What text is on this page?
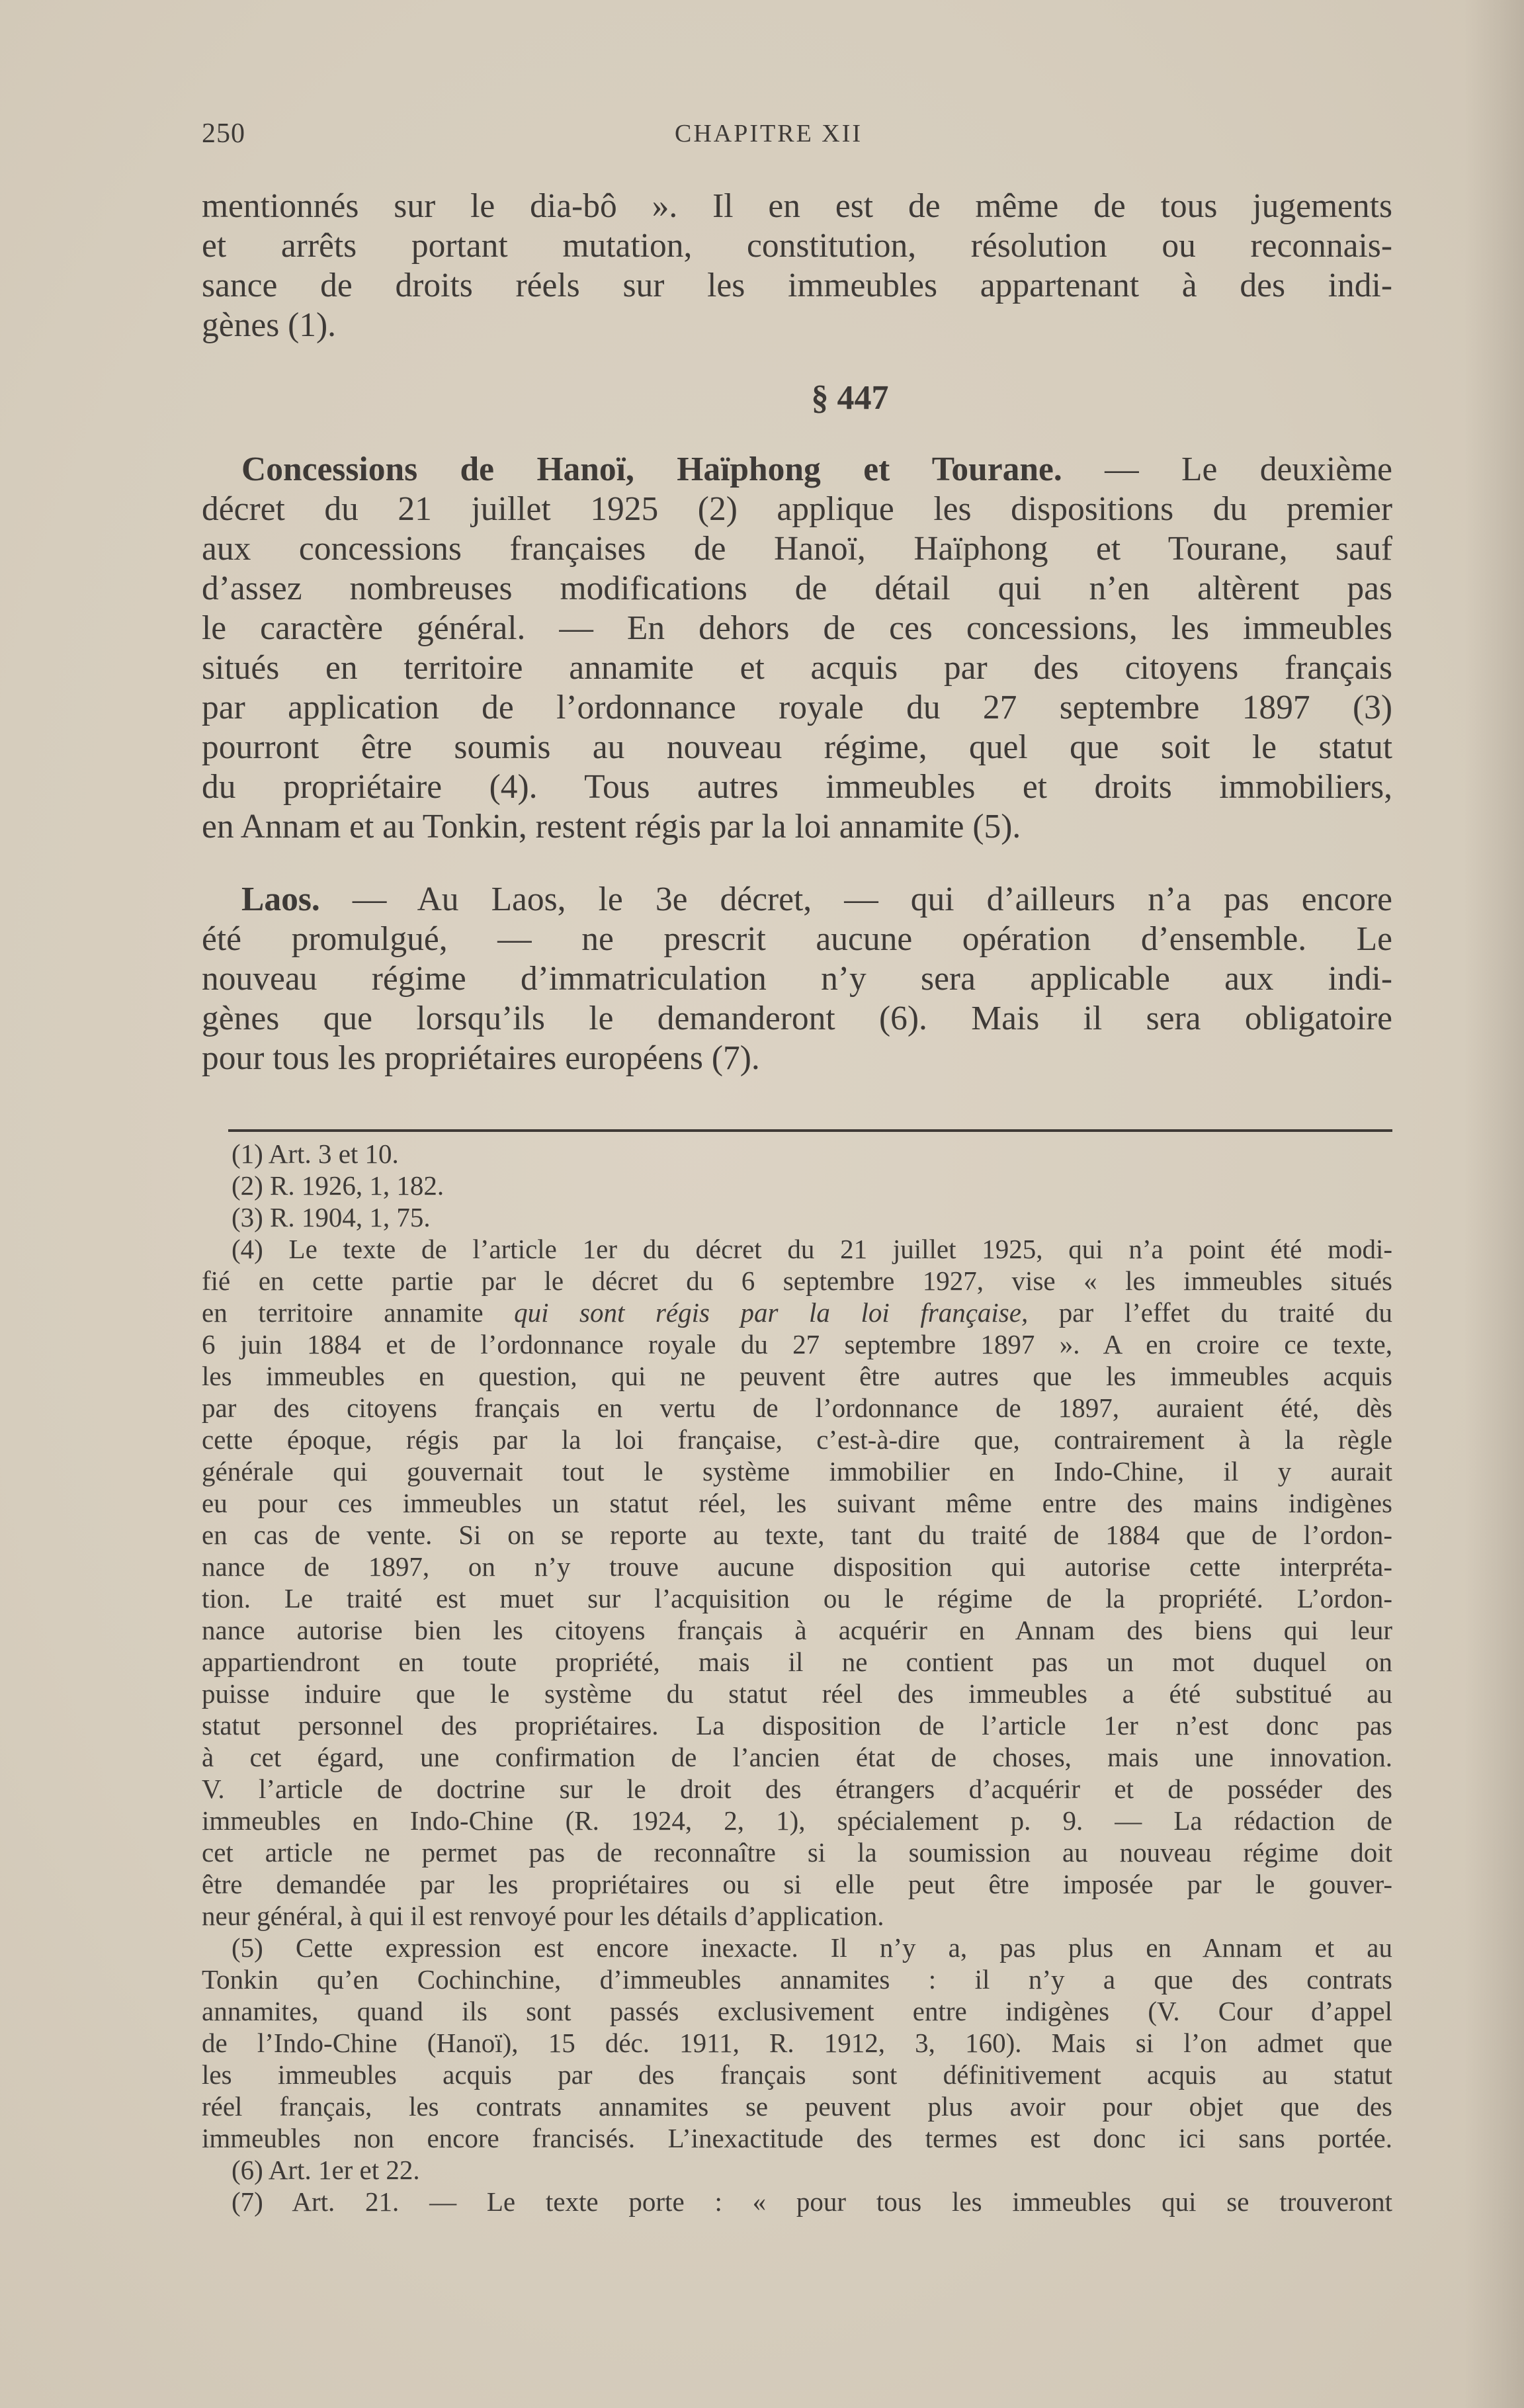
250	CHAPITRE XII
mentionnés sur le dia-bô ». Il en est de même de tous jugements
et arrêts portant mutation, constitution, résolution ou reconnais-
sance de droits réels sur les immeubles appartenant à des indi-
gènes (1).
§ 447
Concessions de Hanoï, Haïphong et Tourane. — Le deuxième
décret du 21 juillet 1925 (2) applique les dispositions du premier
aux concessions françaises de Hanoï, Haïphong et Tourane, sauf
d’assez nombreuses modifications de détail qui n’en altèrent pas
le caractère général. — En dehors de ces concessions, les immeubles
situés en territoire annamite et acquis par des citoyens français
par application de l’ordonnance royale du 27 septembre 1897 (3)
pourront être soumis au nouveau régime, quel que soit le statut
du propriétaire (4). Tous autres immeubles et droits immobiliers,
en Annam et au Tonkin, restent régis par la loi annamite (5).
Laos. — Au Laos, le 3e décret, — qui d’ailleurs n’a pas encore
été promulgué, — ne prescrit aucune opération d’ensemble. Le
nouveau régime d’immatriculation n’y sera applicable aux indi-
gènes que lorsqu’ils le demanderont (6). Mais il sera obligatoire
pour tous les propriétaires européens (7).
(1) Art. 3 et 10.
(2) R. 1926, 1, 182.
(3) R. 1904, 1, 75.
(4) Le texte de l’article 1er du décret du 21 juillet 1925, qui n’a point été modi-
fié en cette partie par le décret du 6 septembre 1927, vise « les immeubles situés
en territoire annamite qui sont régis par la loi française, par l’effet du traité du
6 juin 1884 et de l’ordonnance royale du 27 septembre 1897 ». A en croire ce texte,
les immeubles en question, qui ne peuvent être autres que les immeubles acquis
par des citoyens français en vertu de l’ordonnance de 1897, auraient été, dès
cette époque, régis par la loi française, c’est-à-dire que, contrairement à la règle
générale qui gouvernait tout le système immobilier en Indo-Chine, il y aurait
eu pour ces immeubles un statut réel, les suivant même entre des mains indigènes
en cas de vente. Si on se reporte au texte, tant du traité de 1884 que de l’ordon-
nance de 1897, on n’y trouve aucune disposition qui autorise cette interpréta-
tion. Le traité est muet sur l’acquisition ou le régime de la propriété. L’ordon-
nance autorise bien les citoyens français à acquérir en Annam des biens qui leur
appartiendront en toute propriété, mais il ne contient pas un mot duquel on
puisse induire que le système du statut réel des immeubles a été substitué au
statut personnel des propriétaires. La disposition de l’article 1er n’est donc pas
à cet égard, une confirmation de l’ancien état de choses, mais une innovation.
V. l’article de doctrine sur le droit des étrangers d’acquérir et de posséder des
immeubles en Indo-Chine (R. 1924, 2, 1), spécialement p. 9. — La rédaction de
cet article ne permet pas de reconnaître si la soumission au nouveau régime doit
être demandée par les propriétaires ou si elle peut être imposée par le gouver-
neur général, à qui il est renvoyé pour les détails d’application.
(5) Cette expression est encore inexacte. Il n’y a, pas plus en Annam et au
Tonkin qu’en Cochinchine, d’immeubles annamites : il n’y a que des contrats
annamites, quand ils sont passés exclusivement entre indigènes (V. Cour d’appel
de l’Indo-Chine (Hanoï), 15 déc. 1911, R. 1912, 3, 160). Mais si l’on admet que
les immeubles acquis par des français sont définitivement acquis au statut
réel français, les contrats annamites se peuvent plus avoir pour objet que des
immeubles non encore francisés. L’inexactitude des termes est donc ici sans portée.
(6) Art. 1er et 22.
(7) Art. 21. — Le texte porte : « pour tous les immeubles qui se trouveront
